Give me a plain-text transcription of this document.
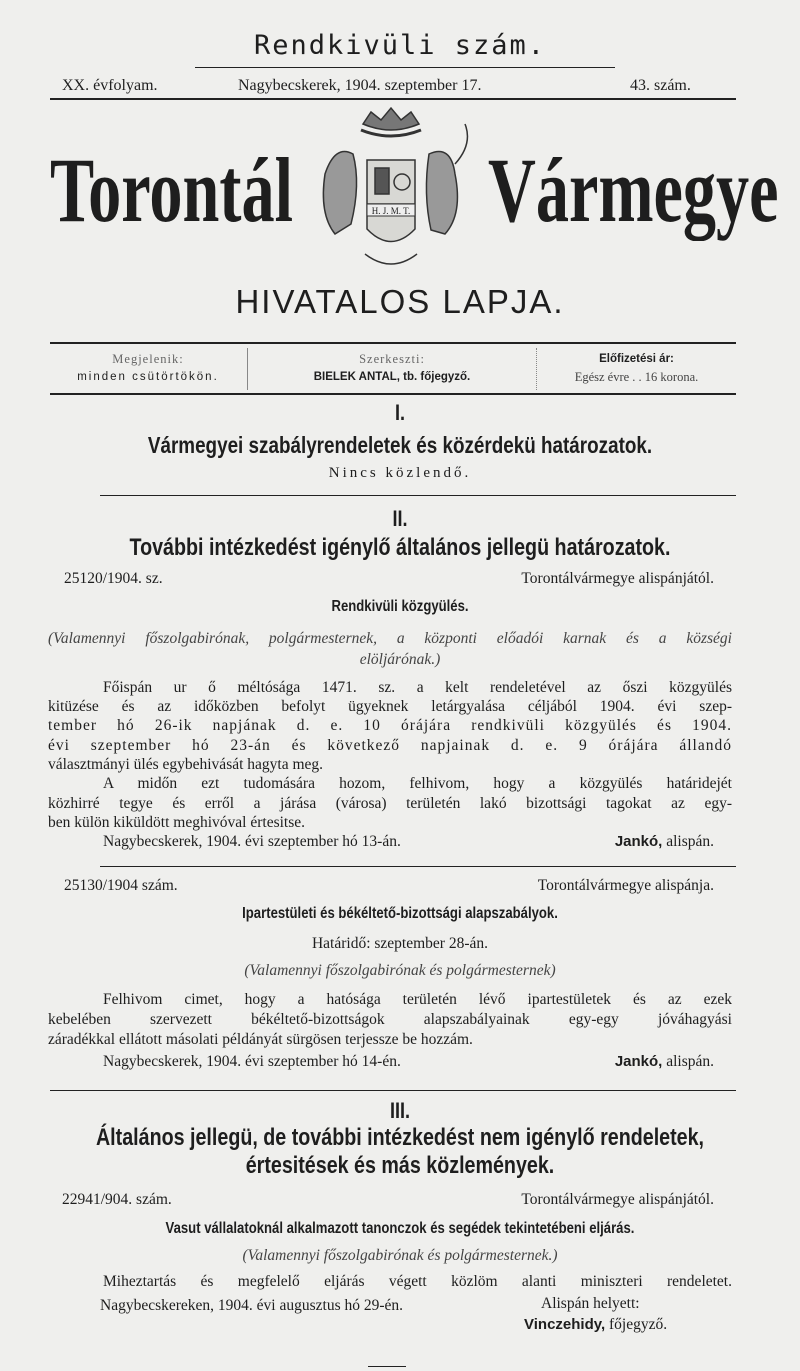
Rendkivüli szám.
XX. évfolyam.	Nagybecskerek, 1904. szeptember 17.	43. szám.
Torontál Vármegye
H. J. M. T.
HIVATALOS LAPJA.
Megjelenik:
minden csütörtökön.
Szerkeszti:
BIELEK ANTAL, tb. főjegyző.
Előfizetési ár:
Egész évre . . 16 korona.
I.
Vármegyei szabályrendeletek és közérdekü határozatok.
Nincs közlendő.
II.
További intézkedést igénylő általános jellegü határozatok.
25120/1904. sz.	Torontálvármegye alispánjától.
Rendkivüli közgyülés.
(Valamennyi főszolgabirónak, polgármesternek, a központi előadói karnak és a községi
elöljárónak.)
Főispán ur ő méltósága 1471. sz. a kelt rendeletével az őszi közgyülés
kitüzése és az időközben befolyt ügyeknek letárgyalása céljából 1904. évi szep-
tember hó 26-ik napjának d. e. 10 órájára rendkivüli közgyülés és 1904.
évi szeptember hó 23-án és következő napjainak d. e. 9 órájára állandó
választmányi ülés egybehivását hagyta meg.
A midőn ezt tudomására hozom, felhivom, hogy a közgyülés határidejét
közhirré tegye és erről a járása (városa) területén lakó bizottsági tagokat az egy-
ben külön kiküldött meghivóval értesitse.
Nagybecskerek, 1904. évi szeptember hó 13-án.	Jankó, alispán.
25130/1904 szám.	Torontálvármegye alispánja.
Ipartestületi és békéltető-bizottsági alapszabályok.
Határidő: szeptember 28-án.
(Valamennyi főszolgabirónak és polgármesternek)
Felhivom cimet, hogy a hatósága területén lévő ipartestületek és az ezek
kebelében szervezett békéltető-bizottságok alapszabályainak egy-egy jóváhagyási
záradékkal ellátott másolati példányát sürgösen terjessze be hozzám.
Nagybecskerek, 1904. évi szeptember hó 14-én.	Jankó, alispán.
III.
Általános jellegü, de további intézkedést nem igénylő rendeletek,
értesitések és más közlemények.
22941/904. szám.	Torontálvármegye alispánjától.
Vasut vállalatoknál alkalmazott tanonczok és segédek tekintetébeni eljárás.
(Valamennyi főszolgabirónak és polgármesternek.)
Miheztartás és megfelelő eljárás végett közlöm alanti miniszteri rendeletet.
Nagybecskereken, 1904. évi augusztus hó 29-én.	Alispán helyett:
Vinczehidy, főjegyző.
